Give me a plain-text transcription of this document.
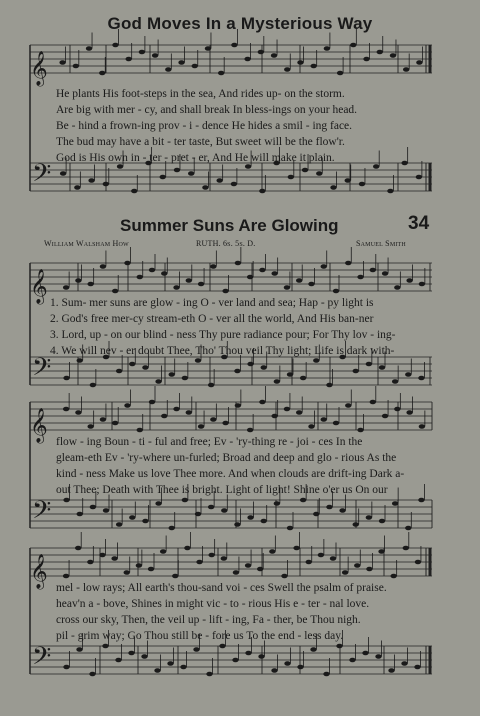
𝄞
𝄢
𝄞
𝄢
𝄞
𝄢
𝄞
𝄢
God Moves In a Mysterious Way
He plants His foot-steps in the sea, And rides up- on the storm.
Are big with mer - cy, and shall break In bless-ings on your head.
Be - hind a frown-ing prov - i - dence He hides a smil - ing face.
The bud may have a bit - ter taste, But sweet will be the flow'r.
God is His own in - ter - pret - er, And He will make it plain.
Summer Suns Are Glowing	34
William Walsham How	RUTH. 6s. 5s. D.	Samuel Smith
1. Sum- mer suns are glow - ing O - ver land and sea; Hap - py light is
2. God's free mer-cy stream-eth O - ver all the world, And His ban-ner
3. Lord, up - on our blind - ness Thy pure radiance pour; For Thy lov - ing-
4. We will nev - er doubt Thee, Tho' Thou veil Thy light; Life is dark with-
flow - ing Boun - ti - ful and free; Ev - 'ry-thing re - joi - ces In the
gleam-eth Ev - 'ry-where un-furled; Broad and deep and glo - rious As the
kind - ness Make us love Thee more. And when clouds are drift-ing Dark a-
out Thee; Death with Thee is bright. Light of light! Shine o'er us On our
mel - low rays; All earth's thou-sand voi - ces Swell the psalm of praise.
heav'n a - bove, Shines in might vic - to - rious His e - ter - nal love.
cross our sky, Then, the veil up - lift - ing, Fa - ther, be Thou nigh.
pil - grim way; Go Thou still be - fore us To the end - less day.
